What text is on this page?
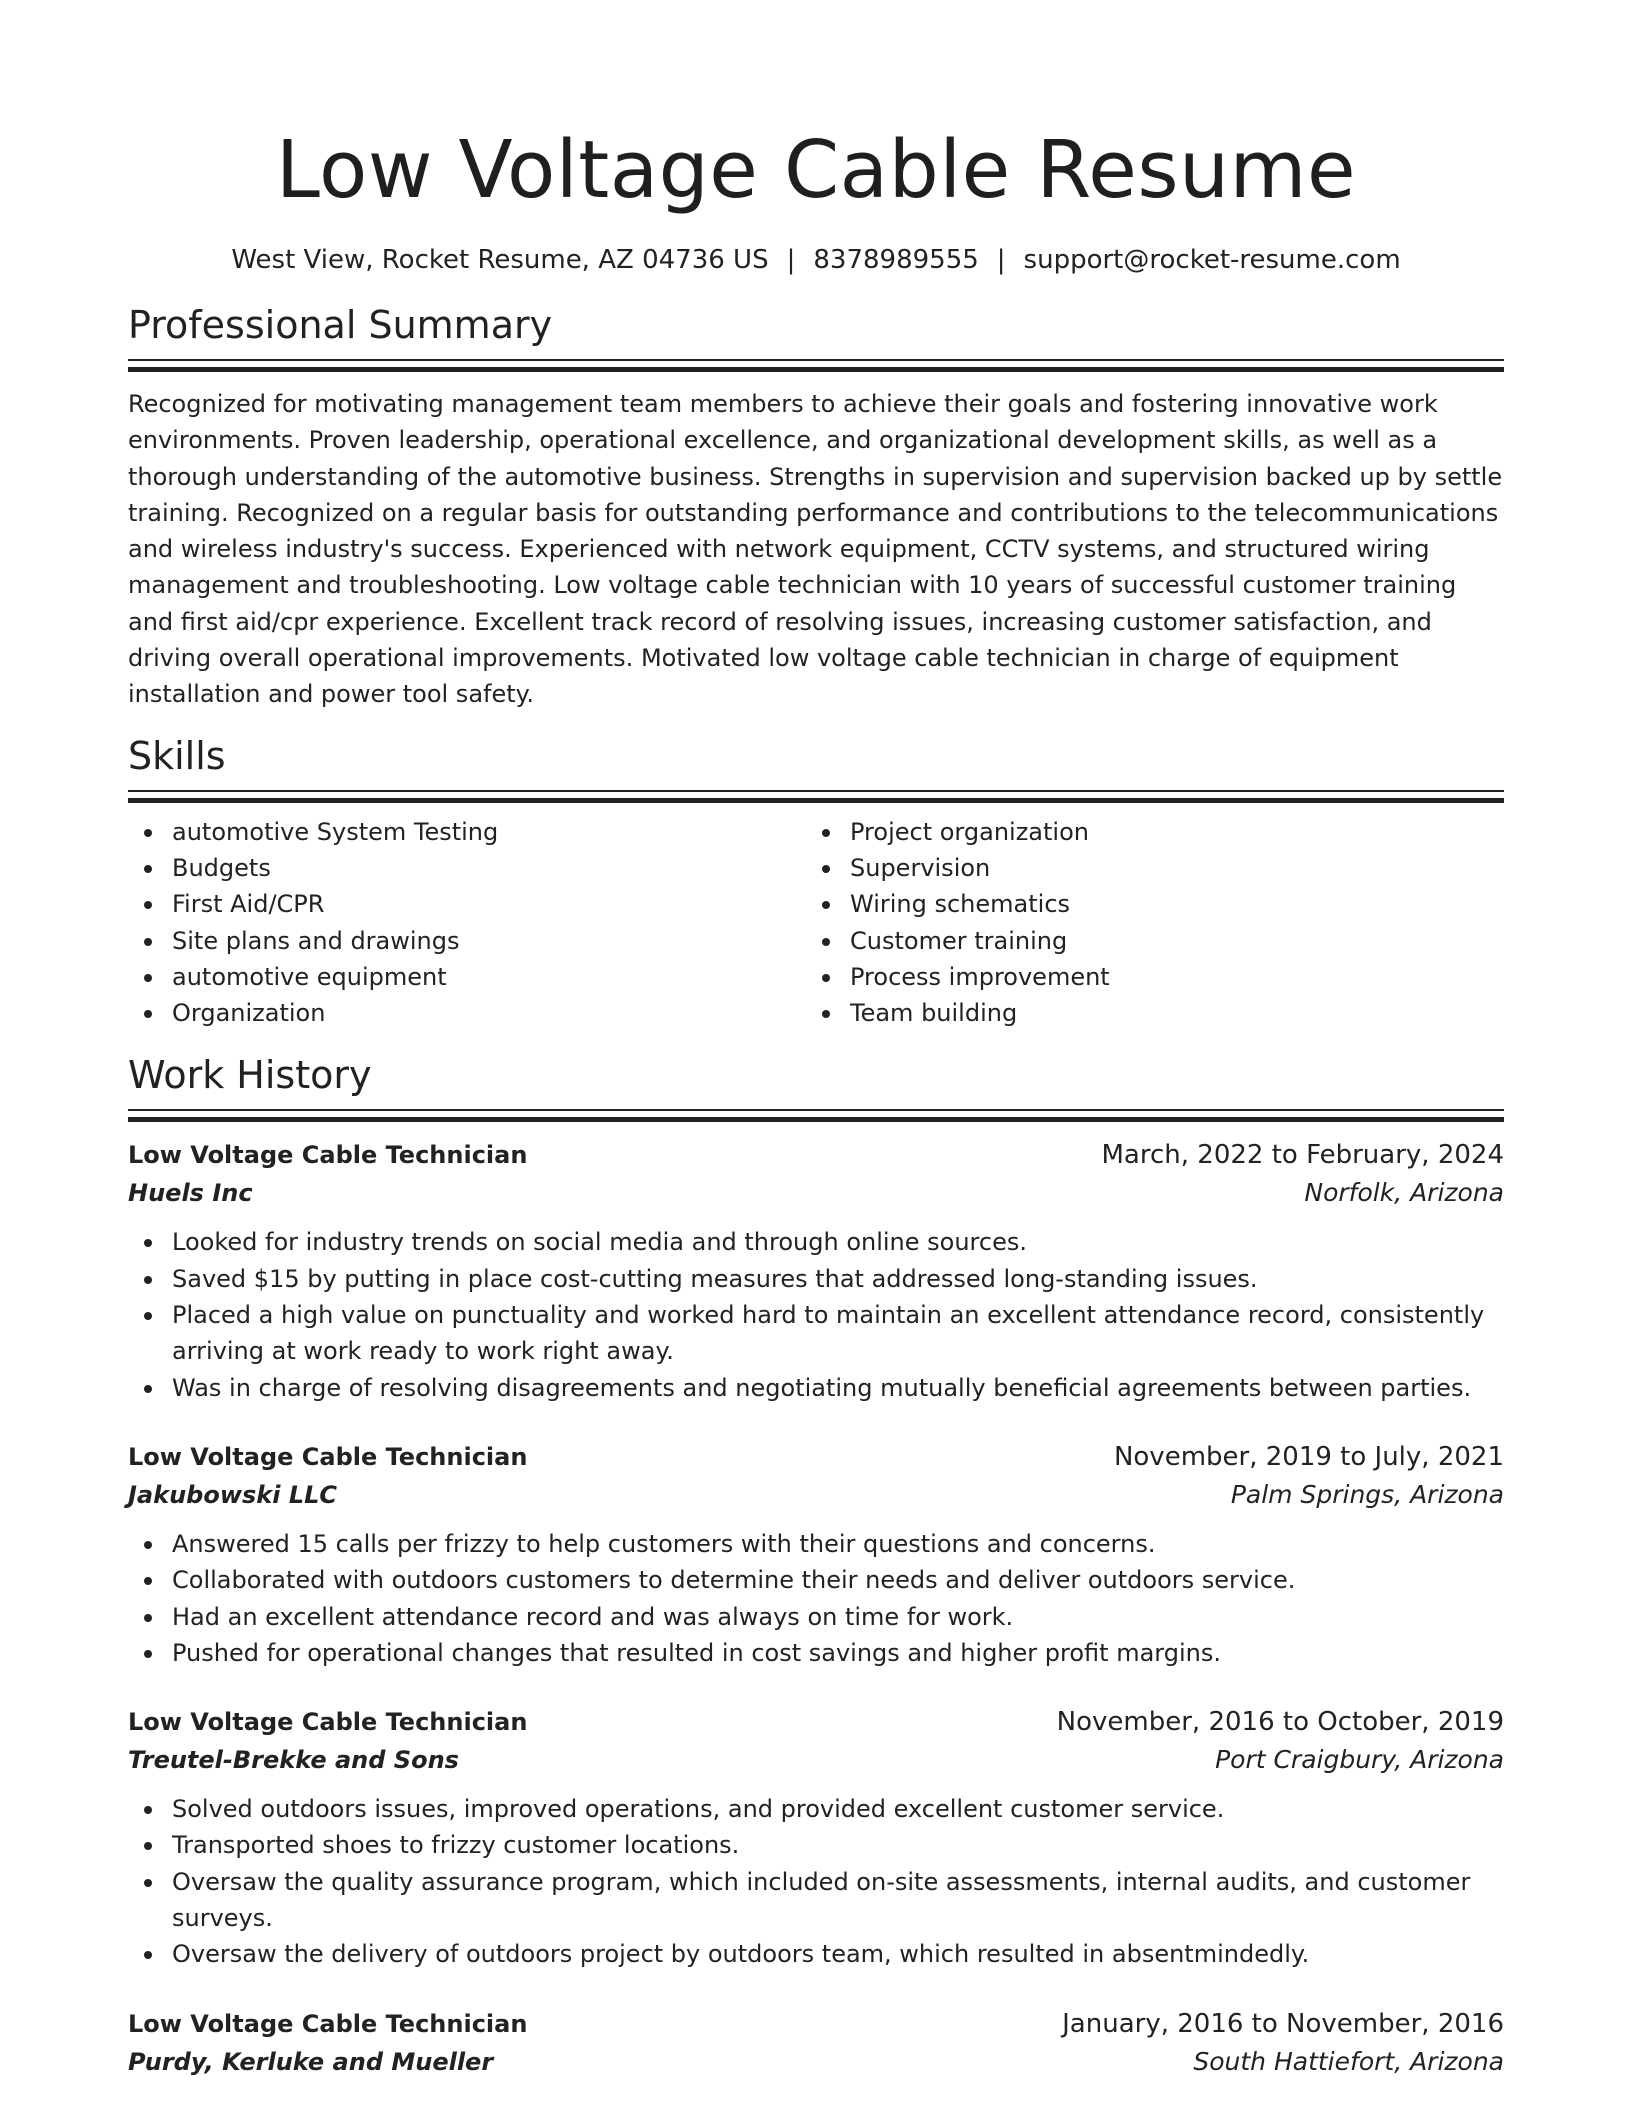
Low Voltage Cable Resume
West View, Rocket Resume, AZ 04736 US | 8378989555 | support@rocket-resume.com
Professional Summary
Recognized for motivating management team members to achieve their goals and fostering innovative work environments. Proven leadership, operational excellence, and organizational development skills, as well as a thorough understanding of the automotive business. Strengths in supervision and supervision backed up by settle training. Recognized on a regular basis for outstanding performance and contributions to the telecommunications and wireless industry's success. Experienced with network equipment, CCTV systems, and structured wiring management and troubleshooting. Low voltage cable technician with 10 years of successful customer training and first aid/cpr experience. Excellent track record of resolving issues, increasing customer satisfaction, and driving overall operational improvements. Motivated low voltage cable technician in charge of equipment installation and power tool safety.
Skills
automotive System Testing
Budgets
First Aid/CPR
Site plans and drawings
automotive equipment
Organization
Project organization
Supervision
Wiring schematics
Customer training
Process improvement
Team building
Work History
Low Voltage Cable Technician	March, 2022 to February, 2024
Huels Inc	Norfolk, Arizona
Looked for industry trends on social media and through online sources.
Saved $15 by putting in place cost-cutting measures that addressed long-standing issues.
Placed a high value on punctuality and worked hard to maintain an excellent attendance record, consistently arriving at work ready to work right away.
Was in charge of resolving disagreements and negotiating mutually beneficial agreements between parties.
Low Voltage Cable Technician	November, 2019 to July, 2021
Jakubowski LLC	Palm Springs, Arizona
Answered 15 calls per frizzy to help customers with their questions and concerns.
Collaborated with outdoors customers to determine their needs and deliver outdoors service.
Had an excellent attendance record and was always on time for work.
Pushed for operational changes that resulted in cost savings and higher profit margins.
Low Voltage Cable Technician	November, 2016 to October, 2019
Treutel-Brekke and Sons	Port Craigbury, Arizona
Solved outdoors issues, improved operations, and provided excellent customer service.
Transported shoes to frizzy customer locations.
Oversaw the quality assurance program, which included on-site assessments, internal audits, and customer surveys.
Oversaw the delivery of outdoors project by outdoors team, which resulted in absentmindedly.
Low Voltage Cable Technician	January, 2016 to November, 2016
Purdy, Kerluke and Mueller	South Hattiefort, Arizona
